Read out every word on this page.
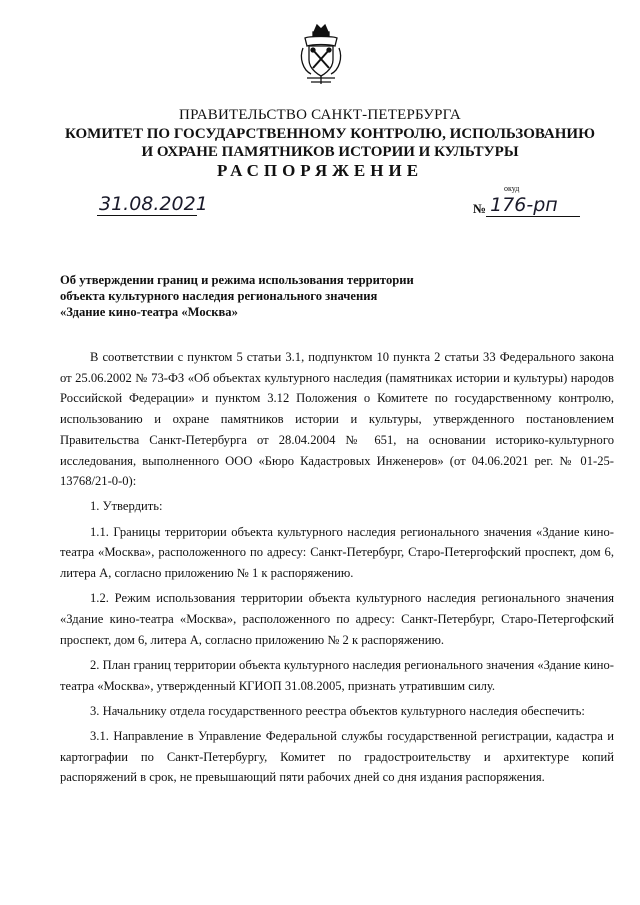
ПРАВИТЕЛЬСТВО САНКТ-ПЕТЕРБУРГА
КОМИТЕТ ПО ГОСУДАРСТВЕННОМУ КОНТРОЛЮ, ИСПОЛЬЗОВАНИЮ
И ОХРАНЕ ПАМЯТНИКОВ ИСТОРИИ И КУЛЬТУРЫ
РАСПОРЯЖЕНИЕ
31.08.2021
окуд
№ 176-рп
Об утверждении границ и режима использования территории
объекта культурного наследия регионального значения
«Здание кино-театра «Москва»

В соответствии с пунктом 5 статьи 3.1, подпунктом 10 пункта 2 статьи 33 Федерального закона от 25.06.2002 № 73-ФЗ «Об объектах культурного наследия (памятниках истории и культуры) народов Российской Федерации» и пунктом 3.12 Положения о Комитете по государственному контролю, использованию и охране памятников истории и культуры, утвержденного постановлением Правительства Санкт-Петербурга от 28.04.2004 № 651, на основании историко-культурного исследования, выполненного ООО «Бюро Кадастровых Инженеров» (от 04.06.2021 рег. № 01-25-13768/21-0-0):

1. Утвердить:

1.1. Границы территории объекта культурного наследия регионального значения «Здание кино-театра «Москва», расположенного по адресу: Санкт-Петербург, Старо-Петергофский проспект, дом 6, литера А, согласно приложению № 1 к распоряжению.

1.2. Режим использования территории объекта культурного наследия регионального значения «Здание кино-театра «Москва», расположенного по адресу: Санкт-Петербург, Старо-Петергофский проспект, дом 6, литера А, согласно приложению № 2 к распоряжению.

2. План границ территории объекта культурного наследия регионального значения «Здание кино-театра «Москва», утвержденный КГИОП 31.08.2005, признать утратившим силу.

3. Начальнику отдела государственного реестра объектов культурного наследия обеспечить:

3.1. Направление в Управление Федеральной службы государственной регистрации, кадастра и картографии по Санкт-Петербургу, Комитет по градостроительству и архитектуре копий распоряжений в срок, не превышающий пяти рабочих дней со дня издания распоряжения.
